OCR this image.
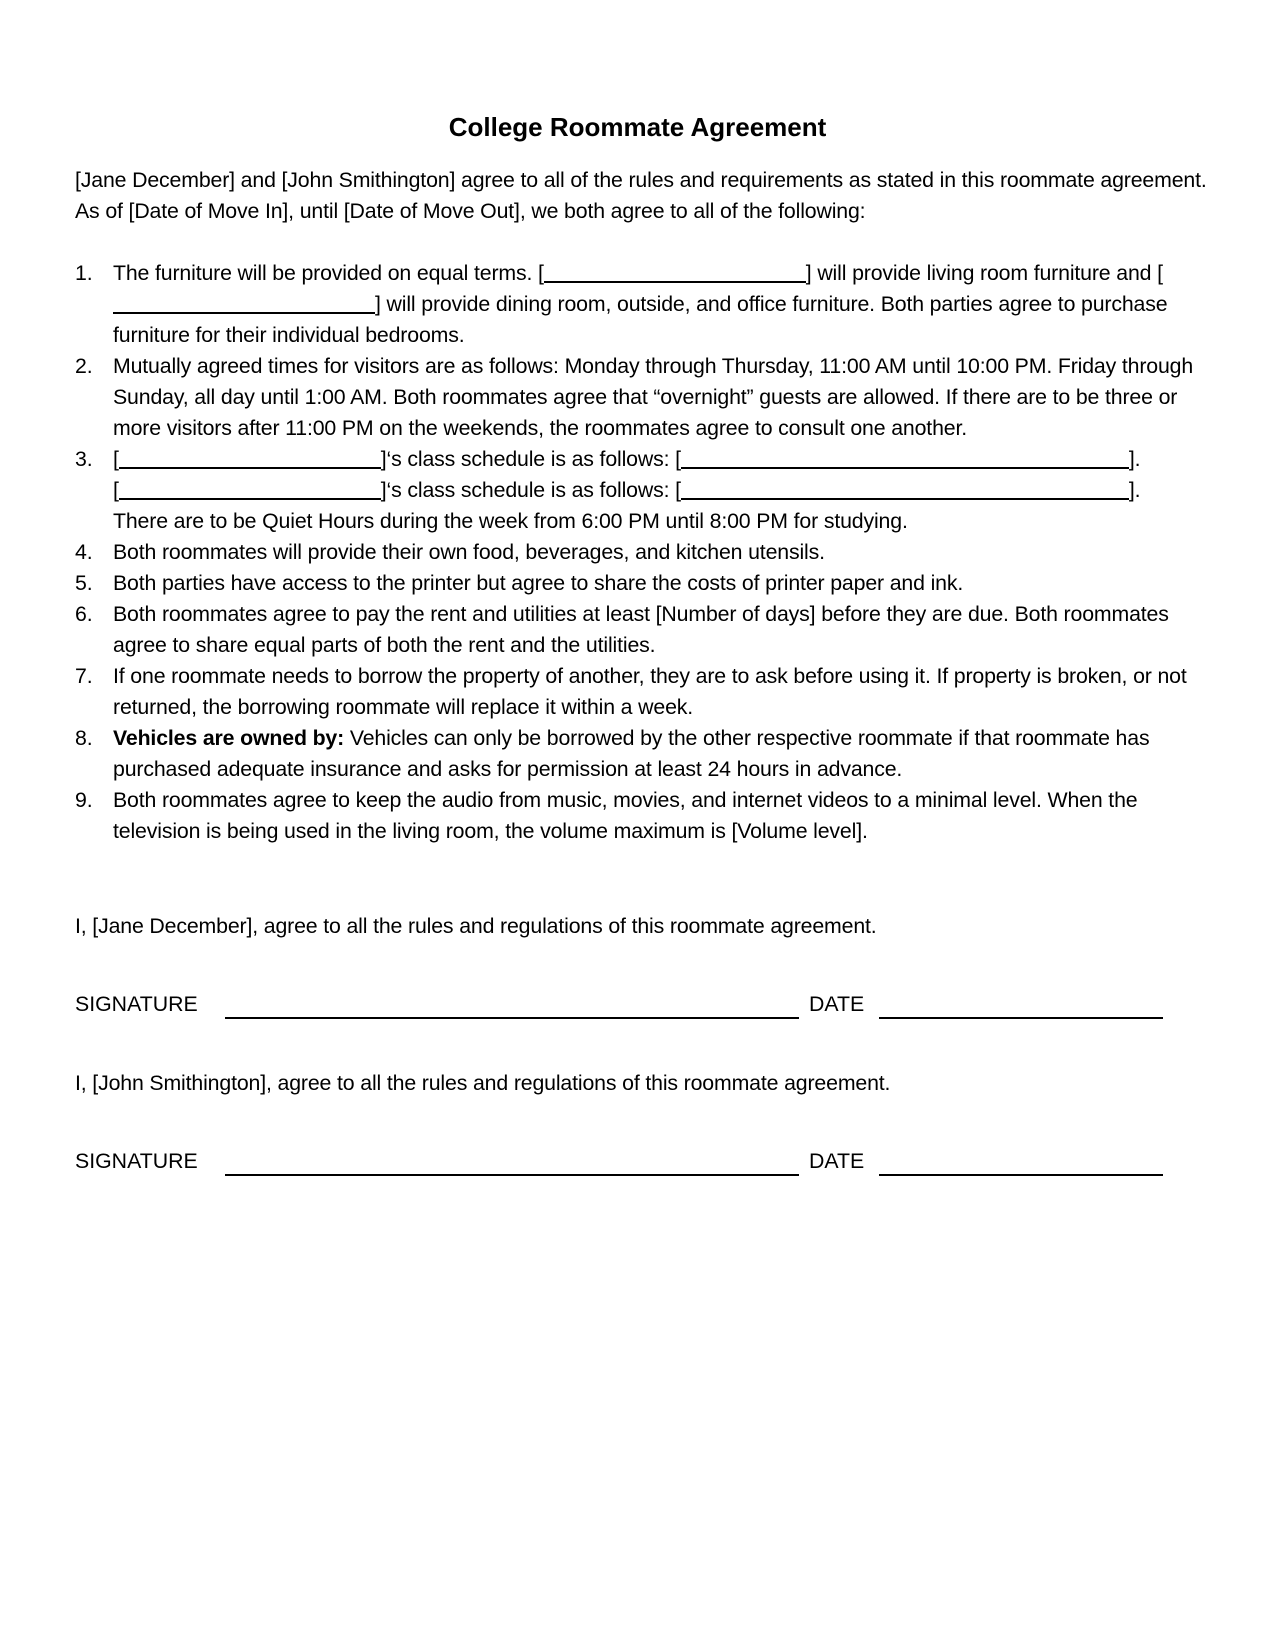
College Roommate Agreement
[Jane December] and [John Smithington] agree to all of the rules and requirements as stated in this roommate agreement. As of [Date of Move In], until [Date of Move Out], we both agree to all of the following:
1. The furniture will be provided on equal terms. [	] will provide living room furniture and [] will provide dining room, outside, and office furniture. Both parties agree to purchase furniture for their individual bedrooms.
2. Mutually agreed times for visitors are as follows: Monday through Thursday, 11:00 AM until 10:00 PM. Friday through Sunday, all day until 1:00 AM. Both roommates agree that “overnight” guests are allowed. If there are to be three or more visitors after 11:00 PM on the weekends, the roommates agree to consult one another.
3. [	]‘s class schedule is as follows: [	].
[	]‘s class schedule is as follows: [	].
There are to be Quiet Hours during the week from 6:00 PM until 8:00 PM for studying.
4. Both roommates will provide their own food, beverages, and kitchen utensils.
5. Both parties have access to the printer but agree to share the costs of printer paper and ink.
6. Both roommates agree to pay the rent and utilities at least [Number of days] before they are due. Both roommates agree to share equal parts of both the rent and the utilities.
7. If one roommate needs to borrow the property of another, they are to ask before using it. If property is broken, or not returned, the borrowing roommate will replace it within a week.
8. Vehicles are owned by: Vehicles can only be borrowed by the other respective roommate if that roommate has purchased adequate insurance and asks for permission at least 24 hours in advance.
9. Both roommates agree to keep the audio from music, movies, and internet videos to a minimal level. When the television is being used in the living room, the volume maximum is [Volume level].
I, [Jane December], agree to all the rules and regulations of this roommate agreement.
SIGNATURE	DATE
I, [John Smithington], agree to all the rules and regulations of this roommate agreement.
SIGNATURE	DATE
